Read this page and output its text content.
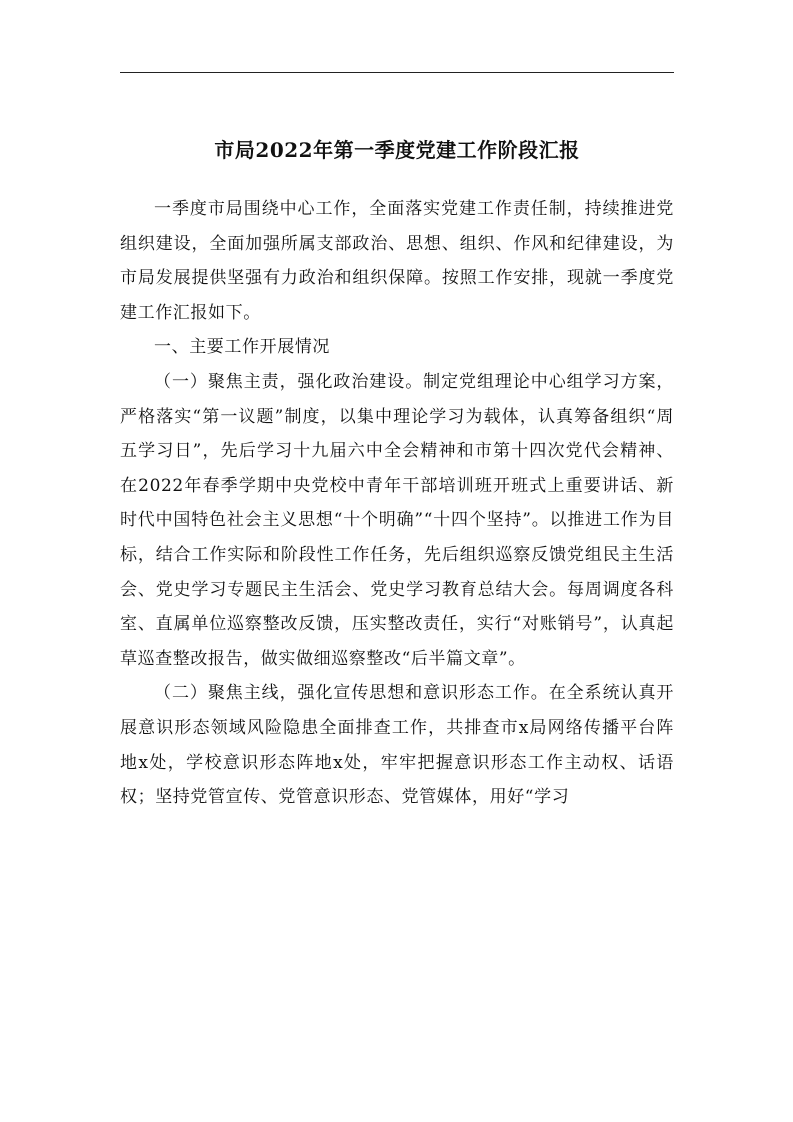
市局2022年第一季度党建工作阶段汇报

一季度市局围绕中心工作，全面落实党建工作责任制，持续推进党组织建设，全面加强所属支部政治、思想、组织、作风和纪律建设，为市局发展提供坚强有力政治和组织保障。按照工作安排，现就一季度党建工作汇报如下。

一、主要工作开展情况

（一）聚焦主责，强化政治建设。制定党组理论中心组学习方案，严格落实“第一议题”制度，以集中理论学习为载体，认真筹备组织“周五学习日”，先后学习十九届六中全会精神和市第十四次党代会精神、在2022年春季学期中央党校中青年干部培训班开班式上重要讲话、新时代中国特色社会主义思想“十个明确”“十四个坚持”。以推进工作为目标，结合工作实际和阶段性工作任务，先后组织巡察反馈党组民主生活会、党史学习专题民主生活会、党史学习教育总结大会。每周调度各科室、直属单位巡察整改反馈，压实整改责任，实行“对账销号”，认真起草巡查整改报告，做实做细巡察整改“后半篇文章”。

（二）聚焦主线，强化宣传思想和意识形态工作。在全系统认真开展意识形态领域风险隐患全面排查工作，共排查市x局网络传播平台阵地x处，学校意识形态阵地x处，牢牢把握意识形态工作主动权、话语权；坚持党管宣传、党管意识形态、党管媒体，用好“学习
